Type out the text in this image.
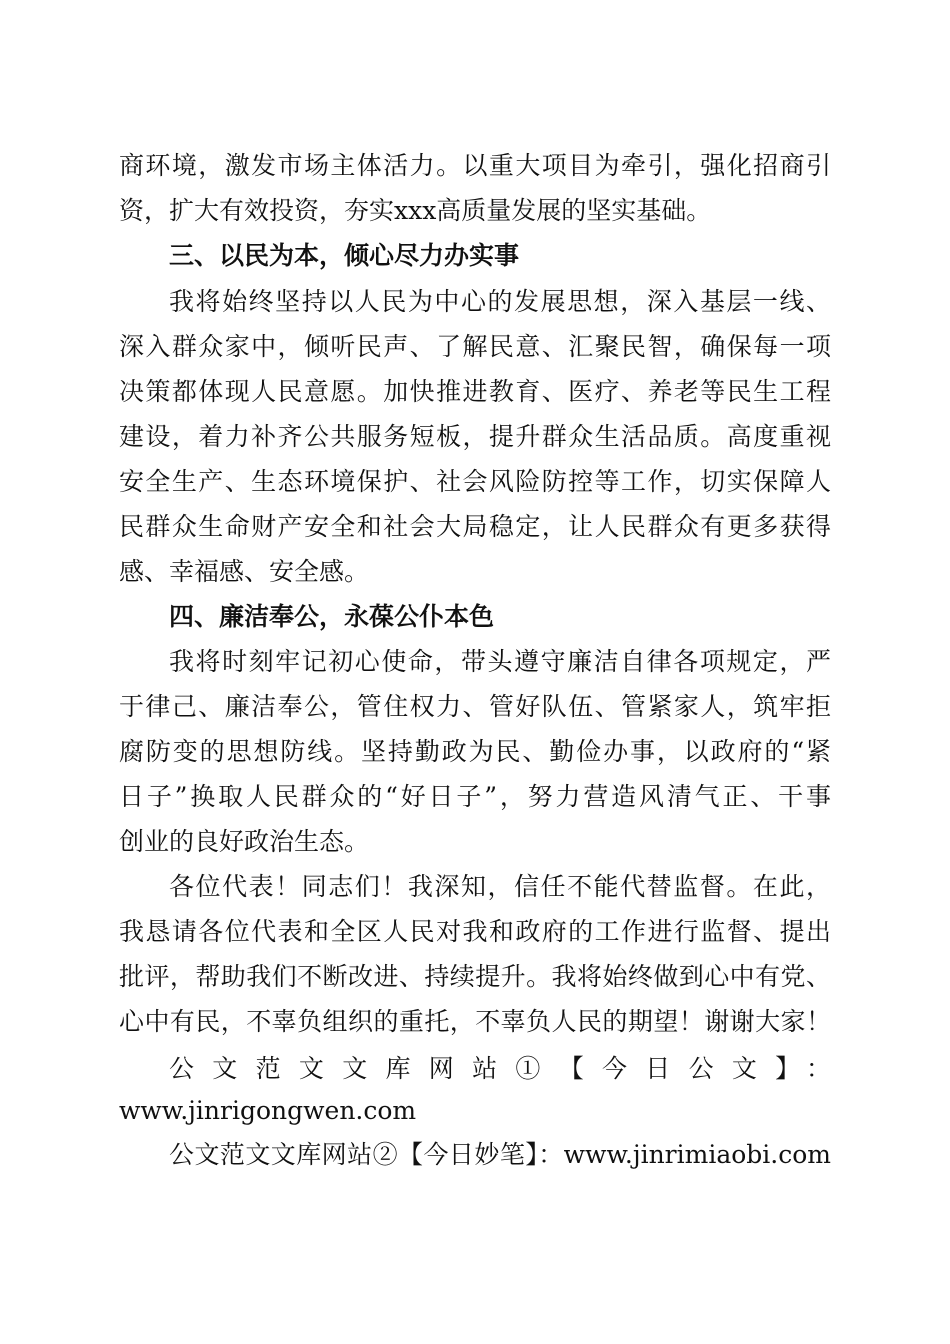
商环境，激发市场主体活力。以重大项目为牵引，强化招商引
资，扩大有效投资，夯实xxx高质量发展的坚实基础。
三、以民为本，倾心尽力办实事
我将始终坚持以人民为中心的发展思想，深入基层一线、
深入群众家中，倾听民声、了解民意、汇聚民智，确保每一项
决策都体现人民意愿。加快推进教育、医疗、养老等民生工程
建设，着力补齐公共服务短板，提升群众生活品质。高度重视
安全生产、生态环境保护、社会风险防控等工作，切实保障人
民群众生命财产安全和社会大局稳定，让人民群众有更多获得
感、幸福感、安全感。
四、廉洁奉公，永葆公仆本色
我将时刻牢记初心使命，带头遵守廉洁自律各项规定，严
于律己、廉洁奉公，管住权力、管好队伍、管紧家人，筑牢拒
腐防变的思想防线。坚持勤政为民、勤俭办事，以政府的“紧
日子”换取人民群众的“好日子”，努力营造风清气正、干事
创业的良好政治生态。
各位代表！同志们！我深知，信任不能代替监督。在此，
我恳请各位代表和全区人民对我和政府的工作进行监督、提出
批评，帮助我们不断改进、持续提升。我将始终做到心中有党、
心中有民，不辜负组织的重托，不辜负人民的期望！谢谢大家！
公文范文文库网站①【今日公文】：
www.jinrigongwen.com
公文范文文库网站②【今日妙笔】：www.jinrimiaobi.com
